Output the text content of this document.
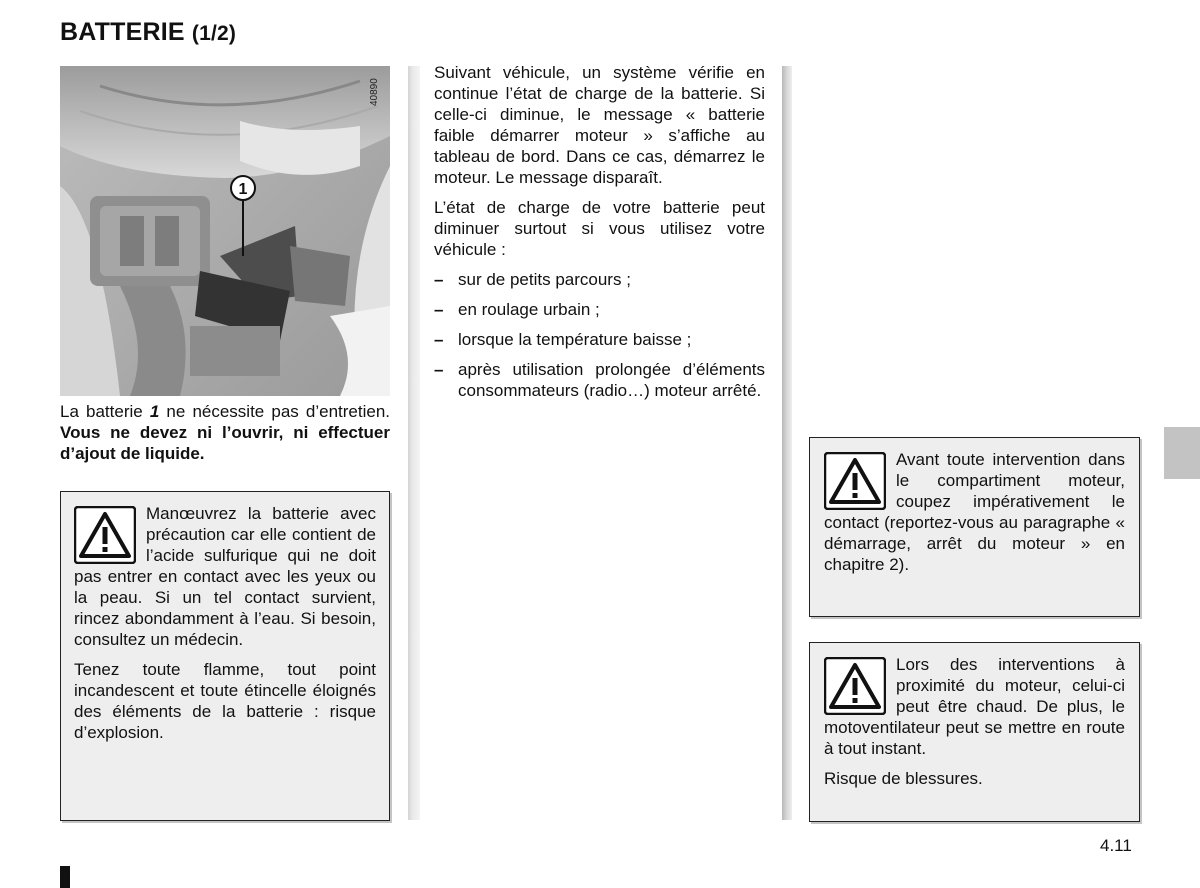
BATTERIE (1/2)
1
40890
La batterie 1 ne nécessite pas d’entretien. Vous ne devez ni l’ouvrir, ni effectuer d’ajout de liquide.

Manœuvrez la batterie avec précaution car elle contient de l’acide sulfurique qui ne doit pas entrer en contact avec les yeux ou la peau. Si un tel contact survient, rincez abondamment à l’eau. Si besoin, consultez un médecin.

Tenez toute flamme, tout point incandescent et toute étincelle éloignés des éléments de la batterie : risque d’explosion.

Suivant véhicule, un système vérifie en continue l’état de charge de la batterie. Si celle-ci diminue, le message « batterie faible démarrer moteur » s’affiche au tableau de bord. Dans ce cas, démarrez le moteur. Le message disparaît.

L’état de charge de votre batterie peut diminuer surtout si vous utilisez votre véhicule :

– sur de petits parcours ;
– en roulage urbain ;
– lorsque la température baisse ;
– après utilisation prolongée d’éléments consommateurs (radio…) moteur arrêté.

Avant toute intervention dans le compartiment moteur, coupez impérativement le contact (reportez-vous au paragraphe « démarrage, arrêt du moteur » en chapitre 2).

Lors des interventions à proximité du moteur, celui-ci peut être chaud. De plus, le motoventilateur peut se mettre en route à tout instant.

Risque de blessures.

4.11
